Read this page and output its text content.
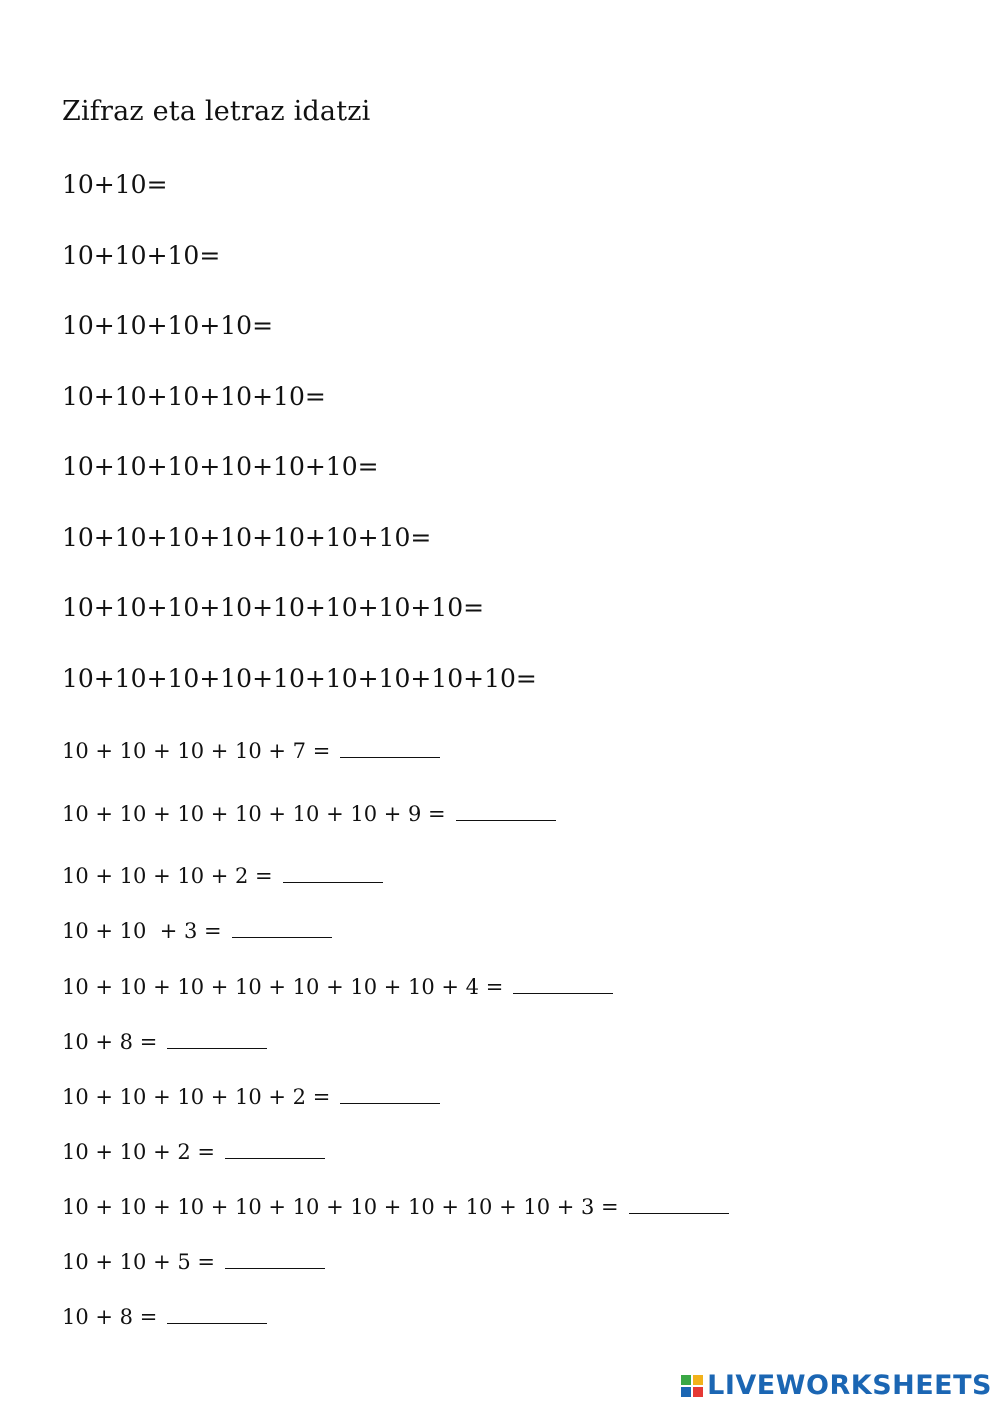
Zifraz eta letraz idatzi
10+10=
10+10+10=
10+10+10+10=
10+10+10+10+10=
10+10+10+10+10+10=
10+10+10+10+10+10+10=
10+10+10+10+10+10+10+10=
10+10+10+10+10+10+10+10+10=
10 + 10 + 10 + 10 + 7 =
10 + 10 + 10 + 10 + 10 + 10 + 9 =
10 + 10 + 10 + 2 =
10 + 10  + 3 =
10 + 10 + 10 + 10 + 10 + 10 + 10 + 4 =
10 + 8 =
10 + 10 + 10 + 10 + 2 =
10 + 10 + 2 =
10 + 10 + 10 + 10 + 10 + 10 + 10 + 10 + 10 + 3 =
10 + 10 + 5 =
10 + 8 =
LIVEWORKSHEETS
